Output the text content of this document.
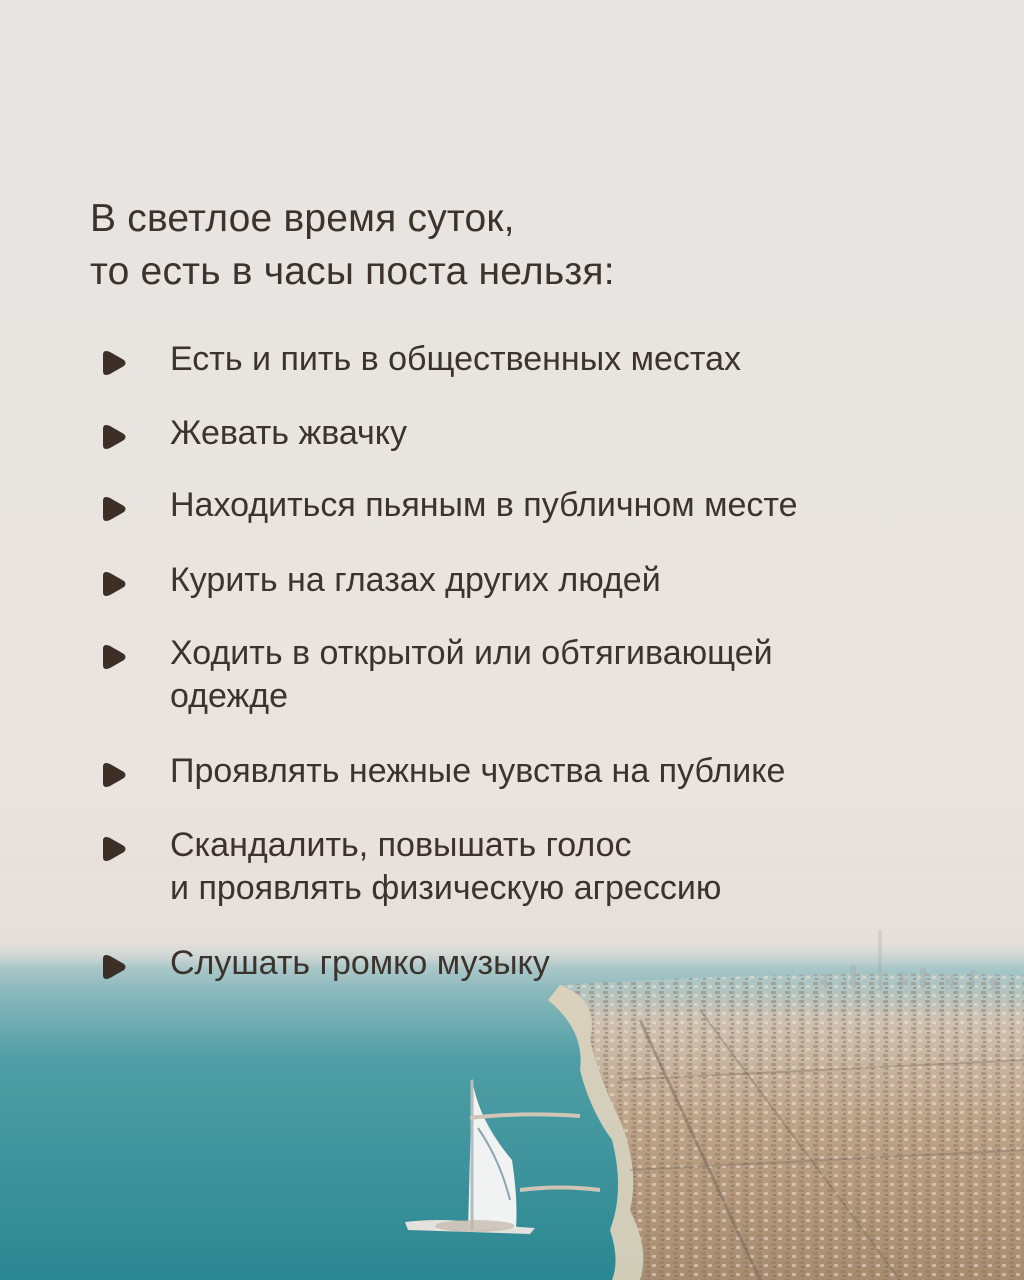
В светлое время суток,
то есть в часы поста нельзя:
Есть и пить в общественных местах
Жевать жвачку
Находиться пьяным в публичном месте
Курить на глазах других людей
Ходить в открытой или обтягивающей
одежде
Проявлять нежные чувства на публике
Скандалить, повышать голос
и проявлять физическую агрессию
Слушать громко музыку
